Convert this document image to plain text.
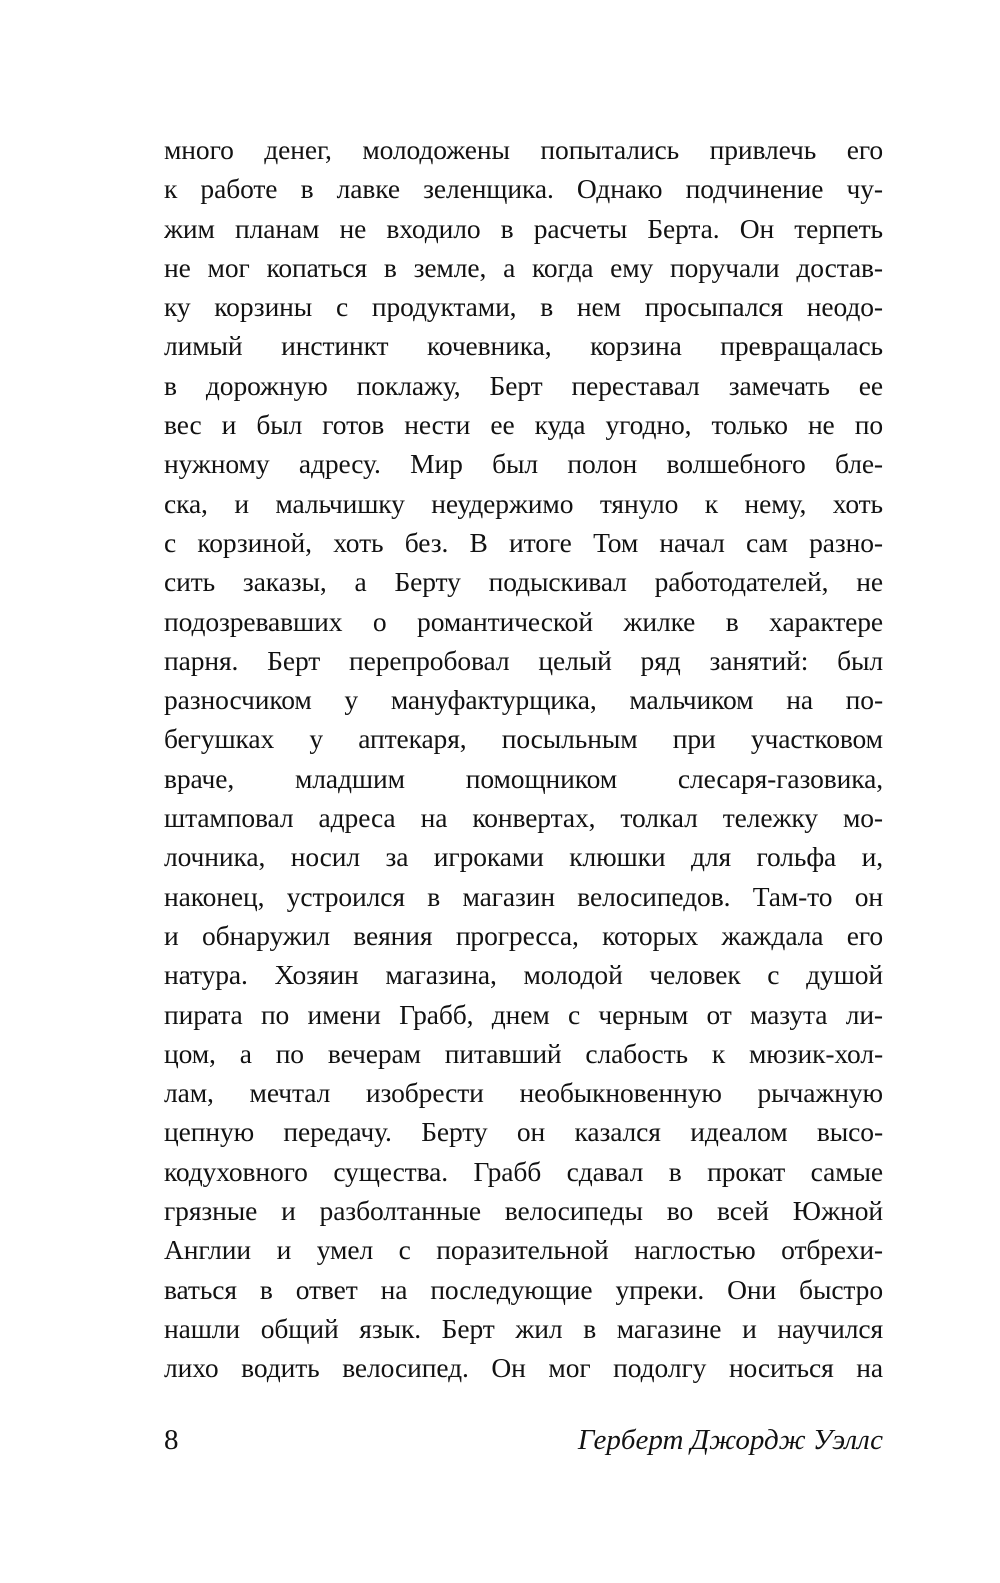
много денег, молодожены попытались привлечь его
к работе в лавке зеленщика. Однако подчинение чу-
жим планам не входило в расчеты Берта. Он терпеть
не мог копаться в земле, а когда ему поручали достав-
ку корзины с продуктами, в нем просыпался неодо-
лимый инстинкт кочевника, корзина превращалась
в дорожную поклажу, Берт переставал замечать ее
вес и был готов нести ее куда угодно, только не по
нужному адресу. Мир был полон волшебного бле-
ска, и мальчишку неудержимо тянуло к нему, хоть
с корзиной, хоть без. В итоге Том начал сам разно-
сить заказы, а Берту подыскивал работодателей, не
подозревавших о романтической жилке в характере
парня. Берт перепробовал целый ряд занятий: был
разносчиком у мануфактурщика, мальчиком на по-
бегушках у аптекаря, посыльным при участковом
враче, младшим помощником слесаря-газовика,
штамповал адреса на конвертах, толкал тележку мо-
лочника, носил за игроками клюшки для гольфа и,
наконец, устроился в магазин велосипедов. Там-то он
и обнаружил веяния прогресса, которых жаждала его
натура. Хозяин магазина, молодой человек с душой
пирата по имени Грабб, днем с черным от мазута ли-
цом, а по вечерам питавший слабость к мюзик-хол-
лам, мечтал изобрести необыкновенную рычажную
цепную передачу. Берту он казался идеалом высо-
кодуховного существа. Грабб сдавал в прокат самые
грязные и разболтанные велосипеды во всей Южной
Англии и умел с поразительной наглостью отбрехи-
ваться в ответ на последующие упреки. Они быстро
нашли общий язык. Берт жил в магазине и научился
лихо водить велосипед. Он мог подолгу носиться на
8	Герберт Джордж Уэллс
